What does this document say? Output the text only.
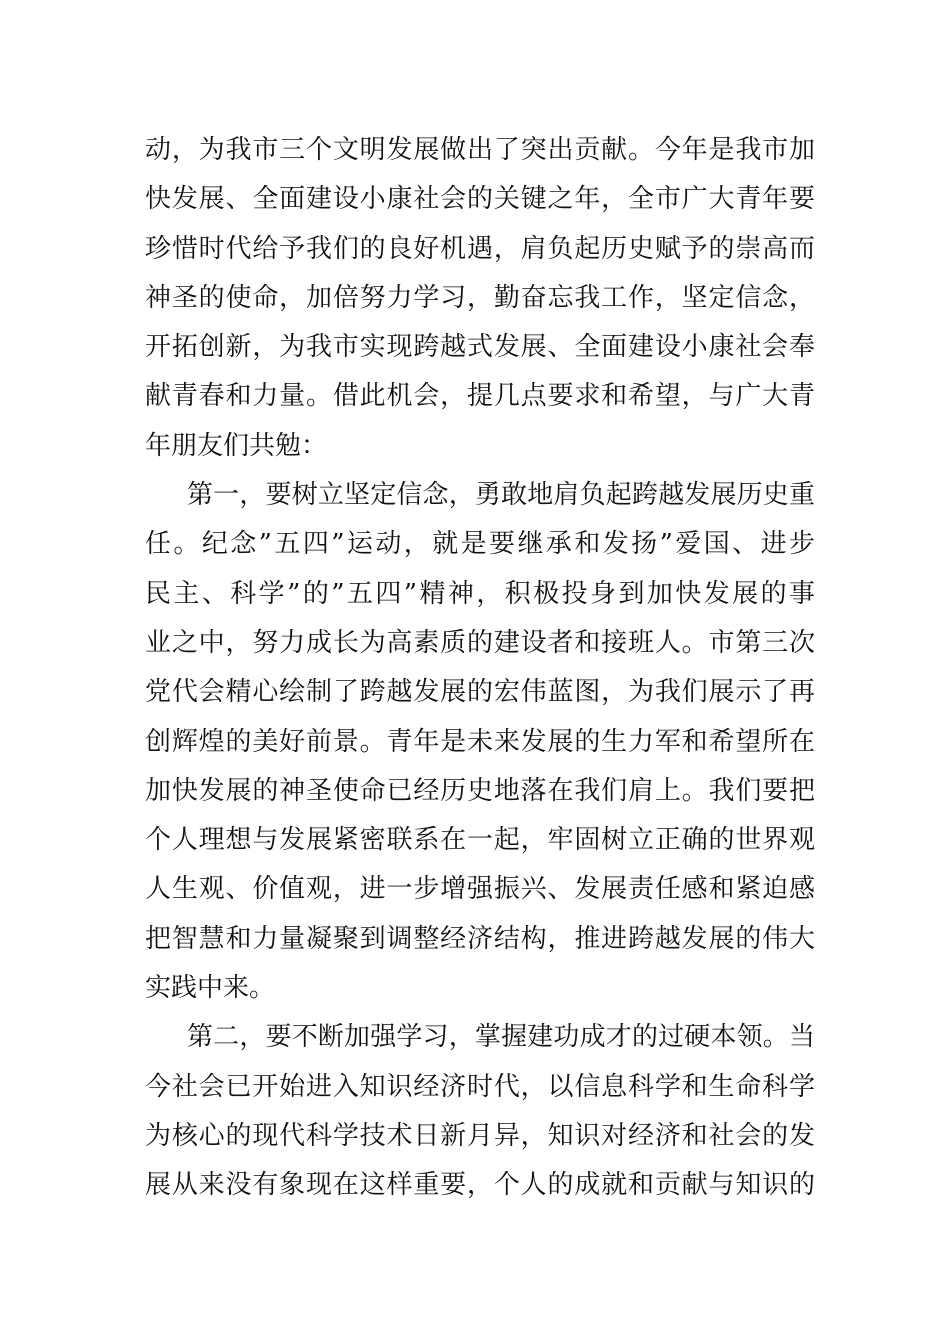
动，为我市三个文明发展做出了突出贡献。今年是我市加
快发展、全面建设小康社会的关键之年，全市广大青年要
珍惜时代给予我们的良好机遇，肩负起历史赋予的崇高而
神圣的使命，加倍努力学习，勤奋忘我工作，坚定信念，
开拓创新，为我市实现跨越式发展、全面建设小康社会奉
献青春和力量。借此机会，提几点要求和希望，与广大青
年朋友们共勉：
第一，要树立坚定信念，勇敢地肩负起跨越发展历史重
任。纪念”五四”运动，就是要继承和发扬”爱国、进步
民主、科学”的”五四”精神，积极投身到加快发展的事
业之中，努力成长为高素质的建设者和接班人。市第三次
党代会精心绘制了跨越发展的宏伟蓝图，为我们展示了再
创辉煌的美好前景。青年是未来发展的生力军和希望所在
加快发展的神圣使命已经历史地落在我们肩上。我们要把
个人理想与发展紧密联系在一起，牢固树立正确的世界观
人生观、价值观，进一步增强振兴、发展责任感和紧迫感
把智慧和力量凝聚到调整经济结构，推进跨越发展的伟大
实践中来。
第二，要不断加强学习，掌握建功成才的过硬本领。当
今社会已开始进入知识经济时代，以信息科学和生命科学
为核心的现代科学技术日新月异，知识对经济和社会的发
展从来没有象现在这样重要，个人的成就和贡献与知识的
